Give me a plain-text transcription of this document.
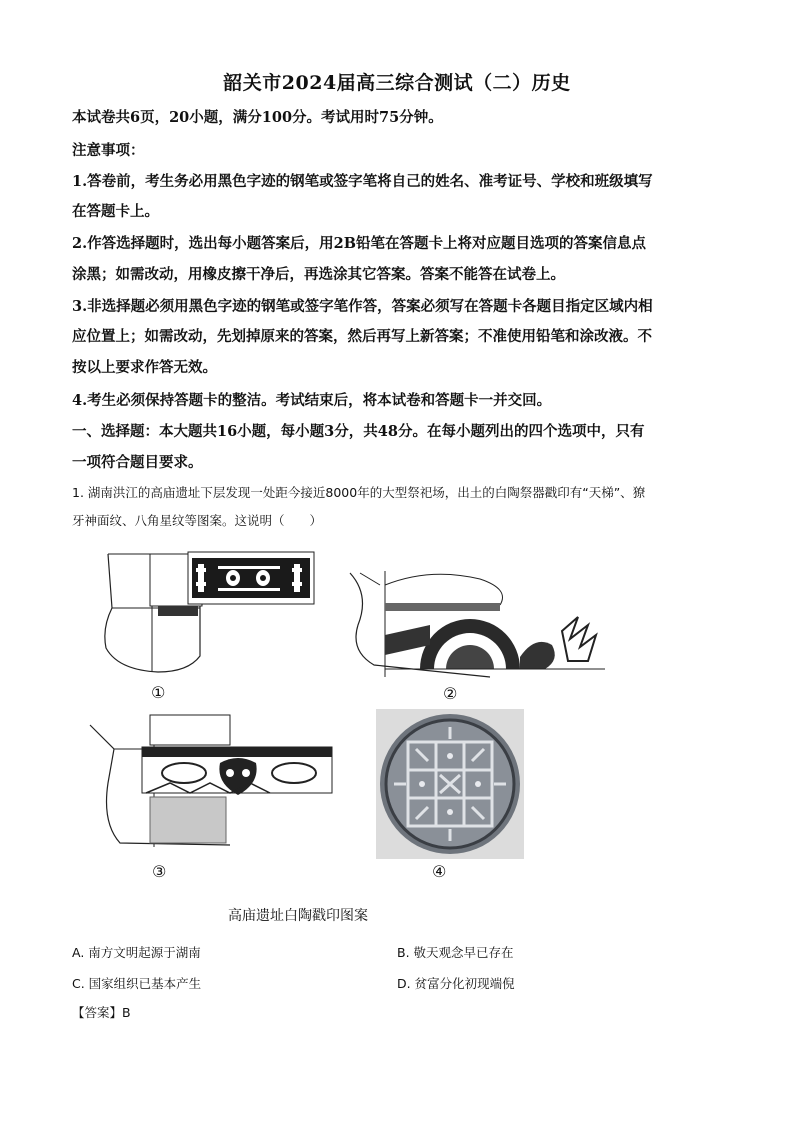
韶关市2024届高三综合测试（二）历史
本试卷共6页，20小题，满分100分。考试用时75分钟。
注意事项：
1.答卷前，考生务必用黑色字迹的钢笔或签字笔将自己的姓名、准考证号、学校和班级填写
在答题卡上。
2.作答选择题时，选出每小题答案后，用2B铅笔在答题卡上将对应题目选项的答案信息点
涂黑；如需改动，用橡皮擦干净后，再选涂其它答案。答案不能答在试卷上。
3.非选择题必须用黑色字迹的钢笔或签字笔作答，答案必须写在答题卡各题目指定区域内相
应位置上；如需改动，先划掉原来的答案，然后再写上新答案；不准使用铅笔和涂改液。不
按以上要求作答无效。
4.考生必须保持答题卡的整洁。考试结束后，将本试卷和答题卡一并交回。
一、选择题：本大题共16小题，每小题3分，共48分。在每小题列出的四个选项中，只有
一项符合题目要求。
1. 湖南洪江的高庙遗址下层发现一处距今接近8000年的大型祭祀场，出土的白陶祭器戳印有“天梯”、獠
牙神面纹、八角星纹等图案。这说明（　　）
①	②
③	④
高庙遗址白陶戳印图案
A. 南方文明起源于湖南	B. 敬天观念早已存在
C. 国家组织已基本产生	D. 贫富分化初现端倪
【答案】B
